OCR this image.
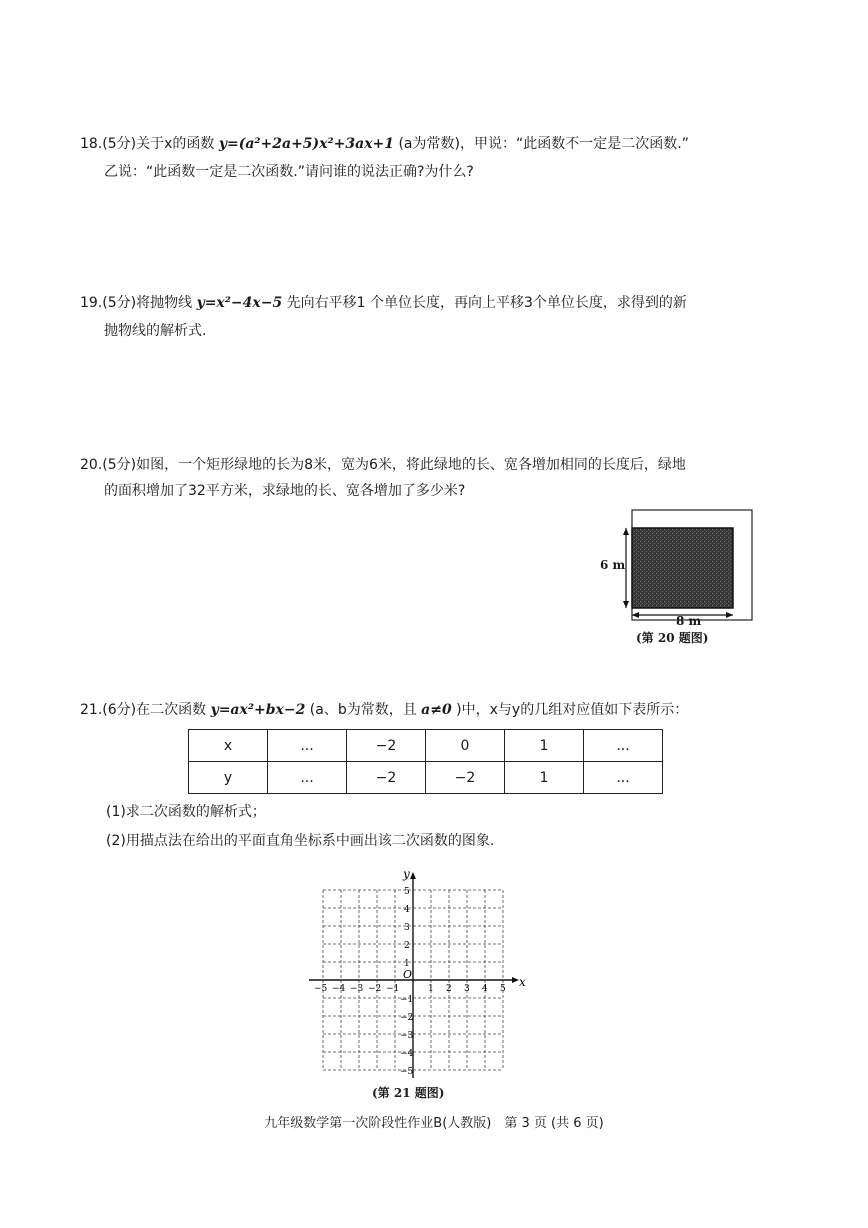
18.(5分)关于x的函数 y=(a²+2a+5)x²+3ax+1 (a为常数)，甲说：“此函数不一定是二次函数.”
乙说：“此函数一定是二次函数.”请问谁的说法正确?为什么?
19.(5分)将抛物线 y=x²−4x−5 先向右平移1 个单位长度，再向上平移3个单位长度，求得到的新
抛物线的解析式.
20.(5分)如图，一个矩形绿地的长为8米，宽为6米，将此绿地的长、宽各增加相同的长度后，绿地
的面积增加了32平方米，求绿地的长、宽各增加了多少米?
6 m
8 m
(第 20 题图)
21.(6分)在二次函数 y=ax²+bx−2 (a、b为常数，且 a≠0 )中，x与y的几组对应值如下表所示：
x	...	−2	0	1	...
y	...	−2	−2	1	...
(1)求二次函数的解析式；
(2)用描点法在给出的平面直角坐标系中画出该二次函数的图象.
x
y
O
−5 −4 −3 −2 −1	1 2 3 4 5
5
4
3
2
1
−1
−2
−3
−4
−5
(第 21 题图)
九年级数学第一次阶段性作业B(人教版)　第 3 页 (共 6 页)
